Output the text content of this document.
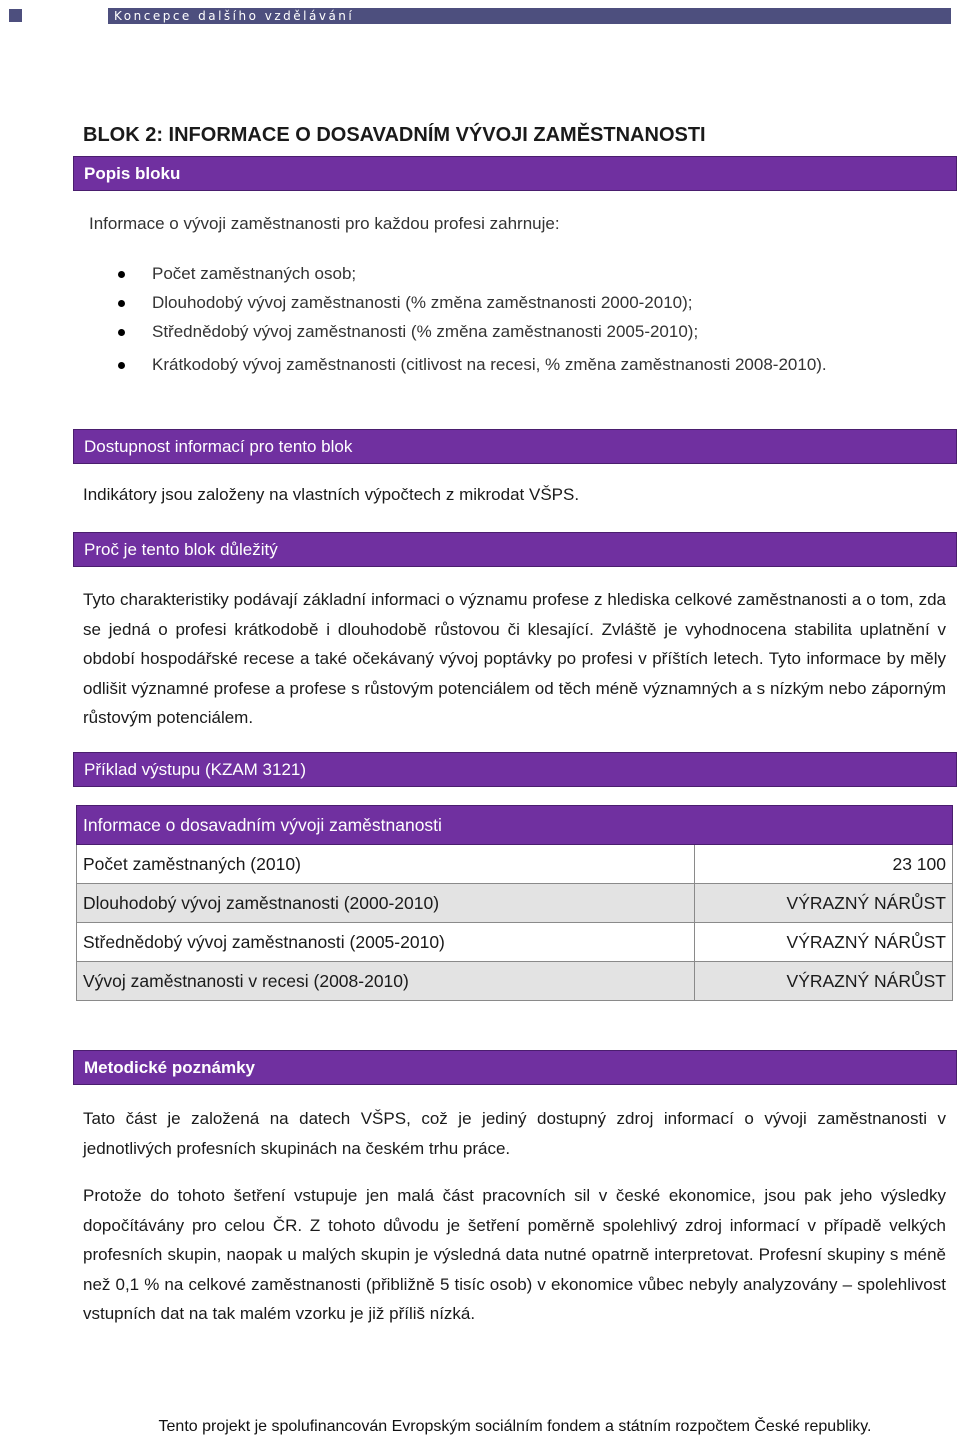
Koncepce dalšího vzdělávání
BLOK 2: INFORMACE O DOSAVADNÍM VÝVOJI ZAMĚSTNANOSTI
Popis bloku
Informace o vývoji zaměstnanosti pro každou profesi zahrnuje:
Počet zaměstnaných osob;
Dlouhodobý vývoj zaměstnanosti (% změna zaměstnanosti 2000-2010);
Střednědobý vývoj zaměstnanosti (% změna zaměstnanosti 2005-2010);
Krátkodobý vývoj zaměstnanosti (citlivost na recesi, % změna zaměstnanosti 2008-2010).
Dostupnost informací pro tento blok
Indikátory jsou založeny na vlastních výpočtech z mikrodat VŠPS.
Proč je tento blok důležitý

Tyto charakteristiky podávají základní informaci o významu profese z hlediska celkové zaměstnanosti a o tom, zda se jedná o profesi krátkodobě i dlouhodobě růstovou či klesající. Zvláště je vyhodnocena stabilita uplatnění v období hospodářské recese a také očekávaný vývoj poptávky po profesi v příštích letech. Tyto informace by měly odlišit významné profese a profese s růstovým potenciálem od těch méně významných a s nízkým nebo záporným růstovým potenciálem.

Příklad výstupu (KZAM 3121)
Informace o dosavadním vývoji zaměstnanosti	
Počet zaměstnaných (2010)	23 100
Dlouhodobý vývoj zaměstnanosti (2000-2010)	VÝRAZNÝ NÁRŮST
Střednědobý vývoj zaměstnanosti (2005-2010)	VÝRAZNÝ NÁRŮST
Vývoj zaměstnanosti v recesi (2008-2010)	VÝRAZNÝ NÁRŮST
Metodické poznámky

Tato část je založená na datech VŠPS, což je jediný dostupný zdroj informací o vývoji zaměstnanosti v jednotlivých profesních skupinách na českém trhu práce.

Protože do tohoto šetření vstupuje jen malá část pracovních sil v české ekonomice, jsou pak jeho výsledky dopočítávány pro celou ČR. Z tohoto důvodu je šetření poměrně spolehlivý zdroj informací v případě velkých profesních skupin, naopak u malých skupin je výsledná data nutné opatrně interpretovat. Profesní skupiny s méně než 0,1 % na celkové zaměstnanosti (přibližně 5 tisíc osob) v ekonomice vůbec nebyly analyzovány – spolehlivost vstupních dat na tak malém vzorku je již příliš nízká.

Tento projekt je spolufinancován Evropským sociálním fondem a státním rozpočtem České republiky.
